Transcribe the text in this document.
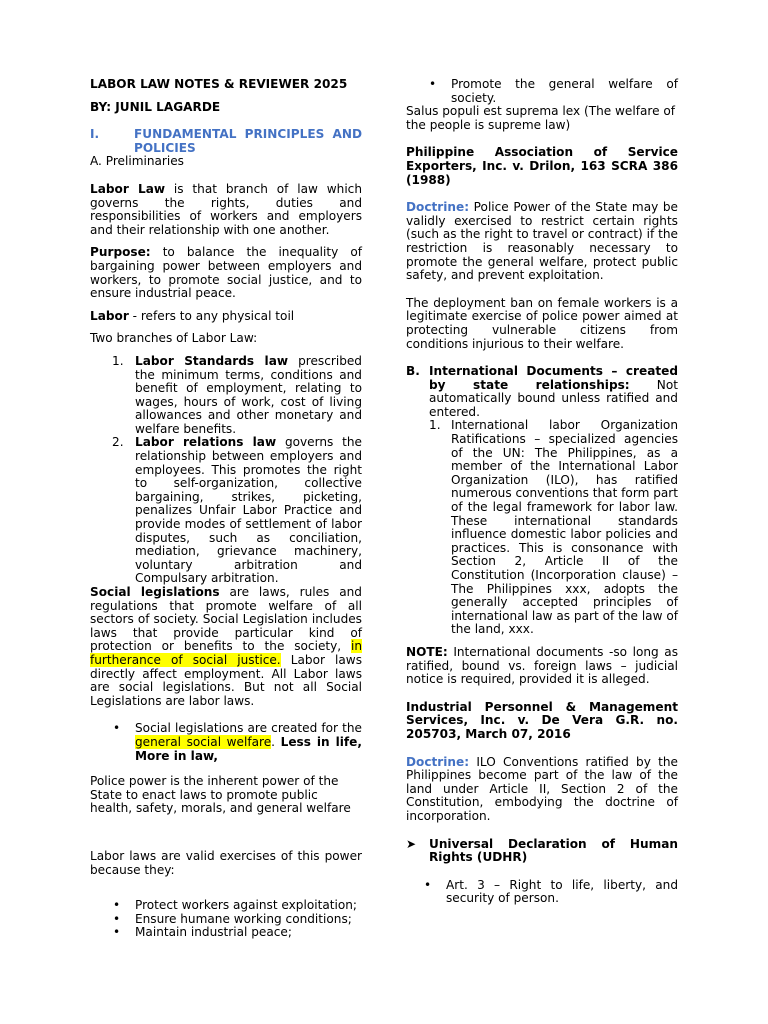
LABOR LAW NOTES & REVIEWER 2025

BY: JUNIL LAGARDE

I.	FUNDAMENTAL PRINCIPLES AND POLICIES

A. Preliminaries

Labor Law is that branch of law which governs the rights, duties and responsibilities of workers and employers and their relationship with one another.

Purpose: to balance the inequality of bargaining power between employers and workers, to promote social justice, and to ensure industrial peace.

Labor - refers to any physical toil

Two branches of Labor Law:

1. Labor Standards law prescribed the minimum terms, conditions and benefit of employment, relating to wages, hours of work, cost of living allowances and other monetary and welfare benefits.
2. Labor relations law governs the relationship between employers and employees. This promotes the right to self-organization, collective bargaining, strikes, picketing, penalizes Unfair Labor Practice and provide modes of settlement of labor disputes, such as conciliation, mediation, grievance machinery, voluntary arbitration and Compulsary arbitration.

Social legislations are laws, rules and regulations that promote welfare of all sectors of society. Social Legislation includes laws that provide particular kind of protection or benefits to the society, in furtherance of social justice. Labor laws directly affect employment. All Labor laws are social legislations. But not all Social Legislations are labor laws.

• Social legislations are created for the general social welfare. Less in life, More in law,

Police power is the inherent power of the State to enact laws to promote public health, safety, morals, and general welfare

Labor laws are valid exercises of this power because they:

• Protect workers against exploitation;
• Ensure humane working conditions;
• Maintain industrial peace;
• Promote the general welfare of society.

Salus populi est suprema lex (The welfare of the people is supreme law)

Philippine Association of Service Exporters, Inc. v. Drilon, 163 SCRA 386 (1988)

Doctrine: Police Power of the State may be validly exercised to restrict certain rights (such as the right to travel or contract) if the restriction is reasonably necessary to promote the general welfare, protect public safety, and prevent exploitation.

The deployment ban on female workers is a legitimate exercise of police power aimed at protecting vulnerable citizens from conditions injurious to their welfare.

B. International Documents – created by state relationships: Not automatically bound unless ratified and entered.

1. International labor Organization Ratifications – specialized agencies of the UN: The Philippines, as a member of the International Labor Organization (ILO), has ratified numerous conventions that form part of the legal framework for labor law. These international standards influence domestic labor policies and practices. This is consonance with Section 2, Article II of the Constitution (Incorporation clause) – The Philippines xxx, adopts the generally accepted principles of international law as part of the law of the land, xxx.

NOTE: International documents -so long as ratified, bound vs. foreign laws – judicial notice is required, provided it is alleged.

Industrial Personnel & Management Services, Inc. v. De Vera G.R. no. 205703, March 07, 2016

Doctrine: ILO Conventions ratified by the Philippines become part of the law of the land under Article II, Section 2 of the Constitution, embodying the doctrine of incorporation.

➤	Universal Declaration of Human Rights (UDHR)
• Art. 3 – Right to life, liberty, and security of person.
